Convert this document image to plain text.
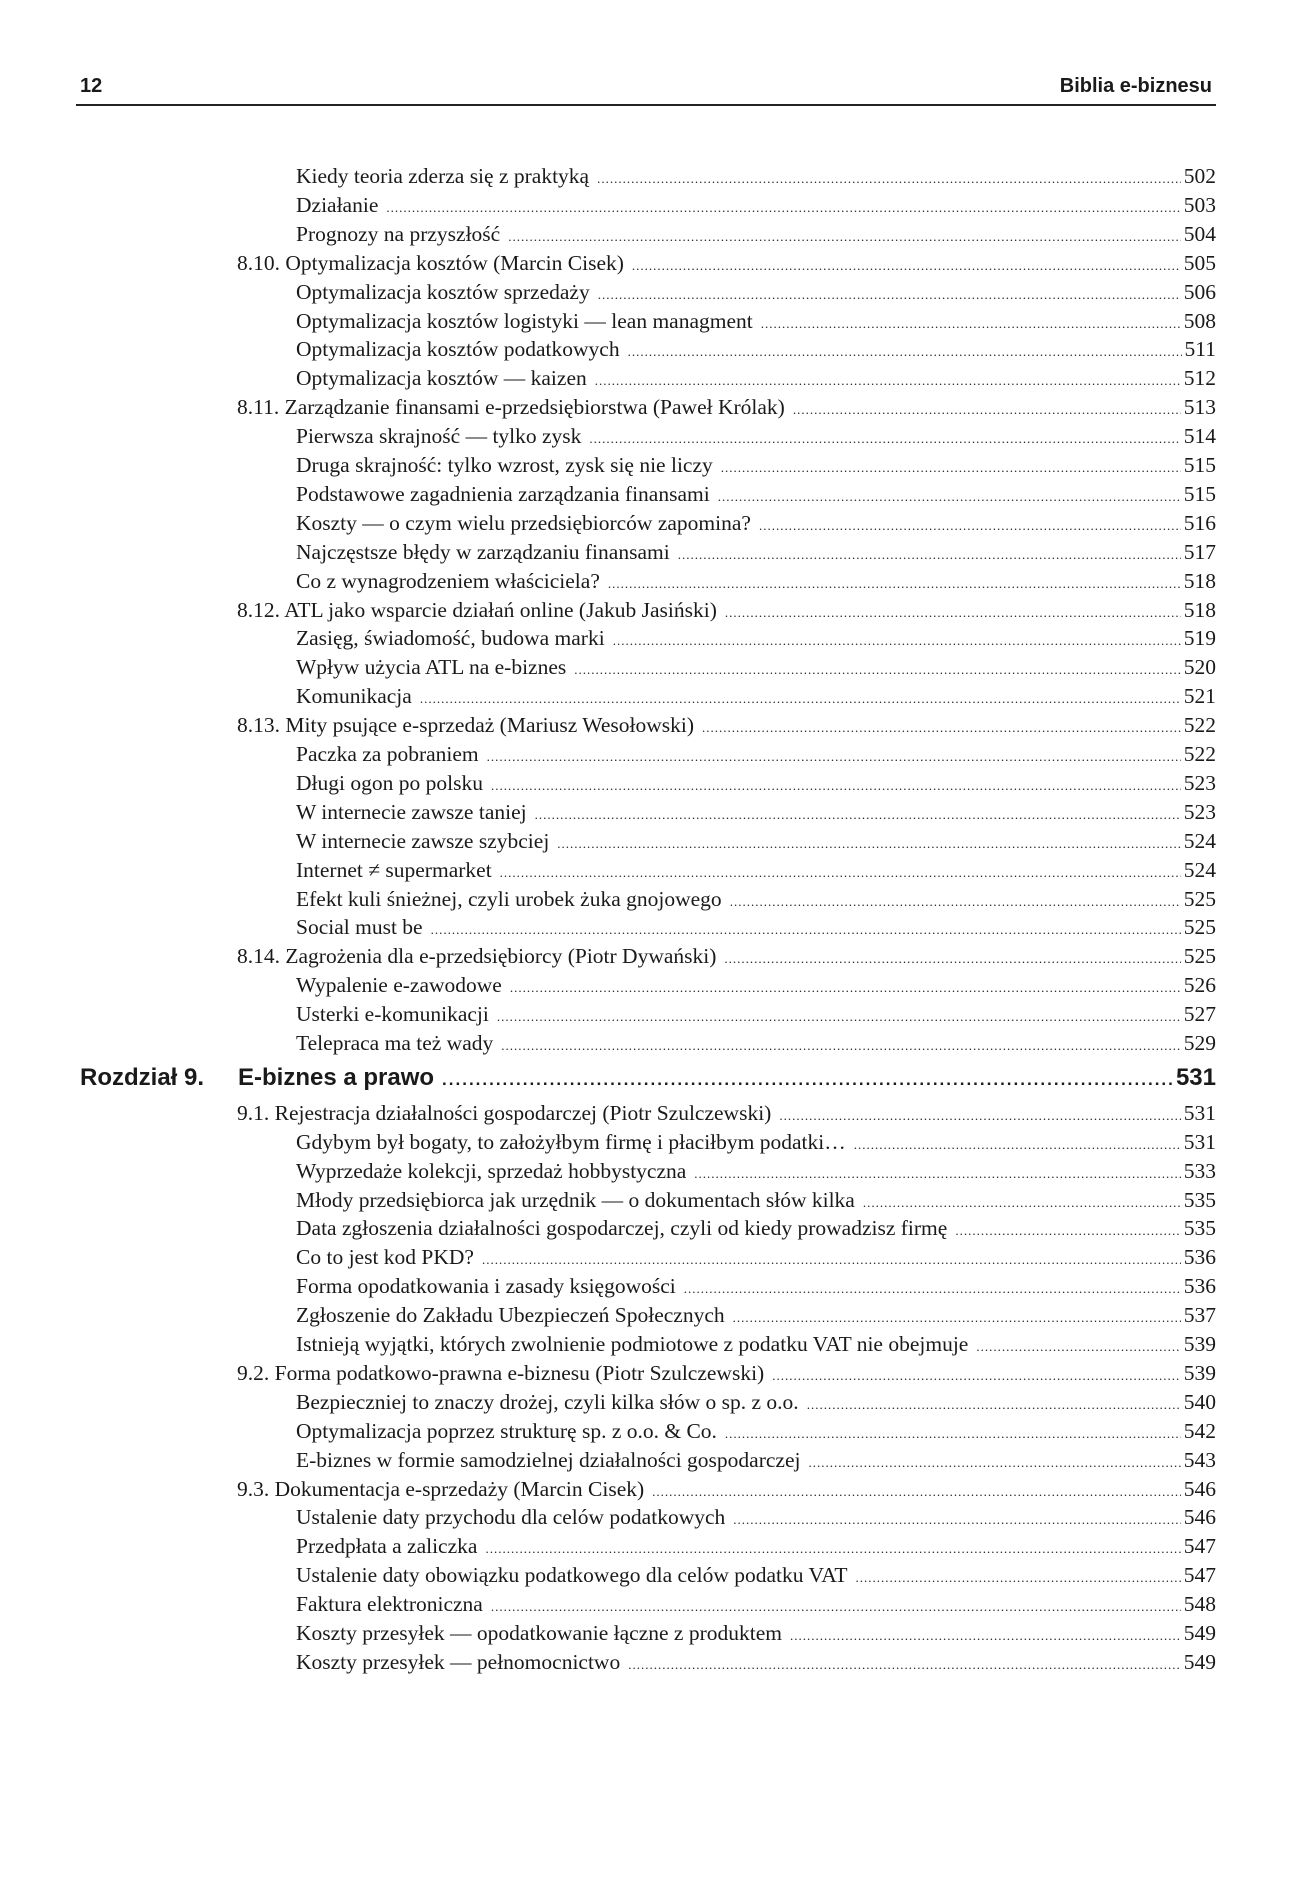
12	Biblia e-biznesu
Kiedy teoria zderza się z praktyką .....	502
Działanie .....	503
Prognozy na przyszłość .....	504
8.10. Optymalizacja kosztów (Marcin Cisek) .....	505
Optymalizacja kosztów sprzedaży .....	506
Optymalizacja kosztów logistyki — lean managment .....	508
Optymalizacja kosztów podatkowych .....	511
Optymalizacja kosztów — kaizen .....	512
8.11. Zarządzanie finansami e-przedsiębiorstwa (Paweł Królak) .....	513
Pierwsza skrajność — tylko zysk .....	514
Druga skrajność: tylko wzrost, zysk się nie liczy .....	515
Podstawowe zagadnienia zarządzania finansami .....	515
Koszty — o czym wielu przedsiębiorców zapomina? .....	516
Najczęstsze błędy w zarządzaniu finansami .....	517
Co z wynagrodzeniem właściciela? .....	518
8.12. ATL jako wsparcie działań online (Jakub Jasiński) .....	518
Zasięg, świadomość, budowa marki .....	519
Wpływ użycia ATL na e-biznes .....	520
Komunikacja .....	521
8.13. Mity psujące e-sprzedaż (Mariusz Wesołowski) .....	522
Paczka za pobraniem .....	522
Długi ogon po polsku .....	523
W internecie zawsze taniej .....	523
W internecie zawsze szybciej .....	524
Internet ≠ supermarket .....	524
Efekt kuli śnieżnej, czyli urobek żuka gnojowego .....	525
Social must be .....	525
8.14. Zagrożenia dla e-przedsiębiorcy (Piotr Dywański) .....	525
Wypalenie e-zawodowe .....	526
Usterki e-komunikacji .....	527
Telepraca ma też wady .....	529
Rozdział 9.	E-biznes a prawo .....	531
9.1. Rejestracja działalności gospodarczej (Piotr Szulczewski) .....	531
Gdybym był bogaty, to założyłbym firmę i płaciłbym podatki… .....	531
Wyprzedaże kolekcji, sprzedaż hobbystyczna .....	533
Młody przedsiębiorca jak urzędnik — o dokumentach słów kilka .....	535
Data zgłoszenia działalności gospodarczej, czyli od kiedy prowadzisz firmę .....	535
Co to jest kod PKD? .....	536
Forma opodatkowania i zasady księgowości .....	536
Zgłoszenie do Zakładu Ubezpieczeń Społecznych .....	537
Istnieją wyjątki, których zwolnienie podmiotowe z podatku VAT nie obejmuje .....	539
9.2. Forma podatkowo-prawna e-biznesu (Piotr Szulczewski) .....	539
Bezpieczniej to znaczy drożej, czyli kilka słów o sp. z o.o. .....	540
Optymalizacja poprzez strukturę sp. z o.o. & Co. .....	542
E-biznes w formie samodzielnej działalności gospodarczej .....	543
9.3. Dokumentacja e-sprzedaży (Marcin Cisek) .....	546
Ustalenie daty przychodu dla celów podatkowych .....	546
Przedpłata a zaliczka .....	547
Ustalenie daty obowiązku podatkowego dla celów podatku VAT .....	547
Faktura elektroniczna .....	548
Koszty przesyłek — opodatkowanie łączne z produktem .....	549
Koszty przesyłek — pełnomocnictwo .....	549
